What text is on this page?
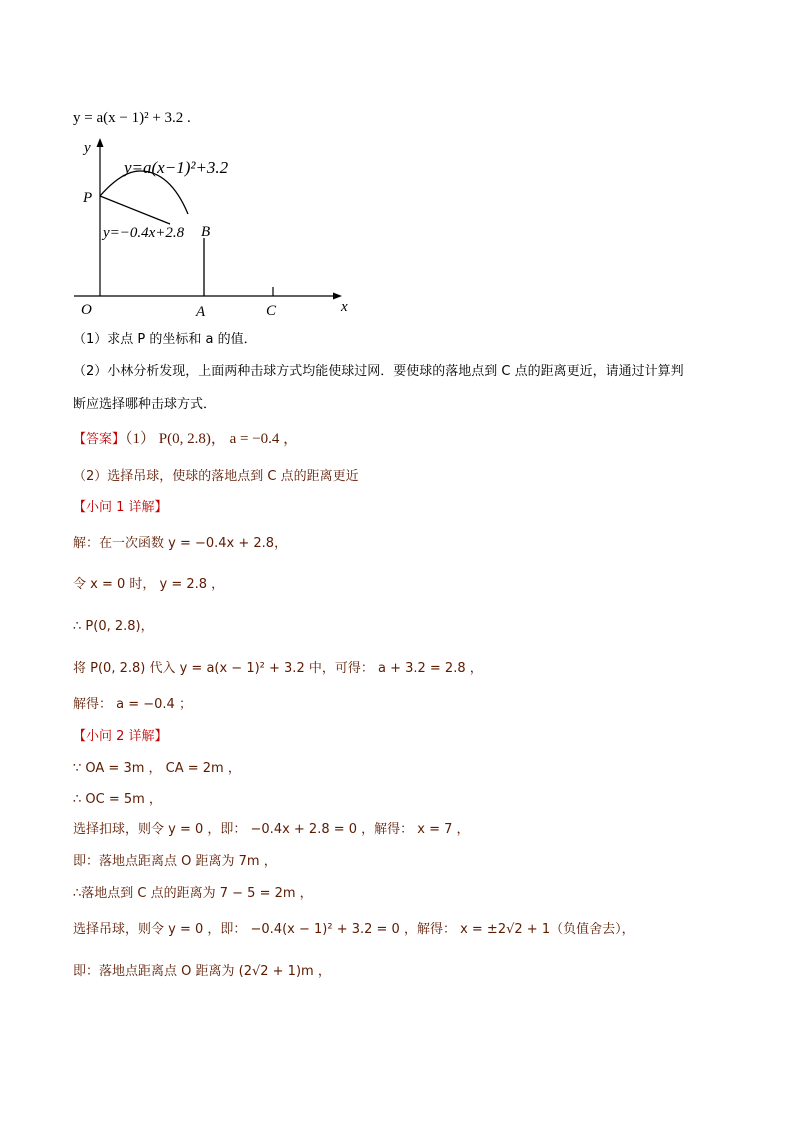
y = a(x − 1)² + 3.2 .
y
x
O
P
A
B
C
y=a(x−1)²+3.2
y=−0.4x+2.8
（1）求点 P 的坐标和 a 的值．
（2）小林分析发现，上面两种击球方式均能使球过网．要使球的落地点到 C 点的距离更近，请通过计算判
断应选择哪种击球方式．
【答案】（1） P(0, 2.8)， a = −0.4 ，
（2）选择吊球，使球的落地点到 C 点的距离更近
【小问 1 详解】
解：在一次函数 y = −0.4x + 2.8，
令 x = 0 时， y = 2.8 ，
∴ P(0, 2.8)，
将 P(0, 2.8) 代入 y = a(x − 1)² + 3.2 中，可得： a + 3.2 = 2.8 ，
解得： a = −0.4 ；
【小问 2 详解】
∵ OA = 3m ， CA = 2m ，
∴ OC = 5m ，
选择扣球，则令 y = 0 ，即： −0.4x + 2.8 = 0 ，解得： x = 7 ，
即：落地点距离点 O 距离为 7m ，
∴落地点到 C 点的距离为 7 − 5 = 2m ，
选择吊球，则令 y = 0 ，即： −0.4(x − 1)² + 3.2 = 0 ，解得： x = ±2√2 + 1（负值舍去），
即：落地点距离点 O 距离为 (2√2 + 1)m ，
